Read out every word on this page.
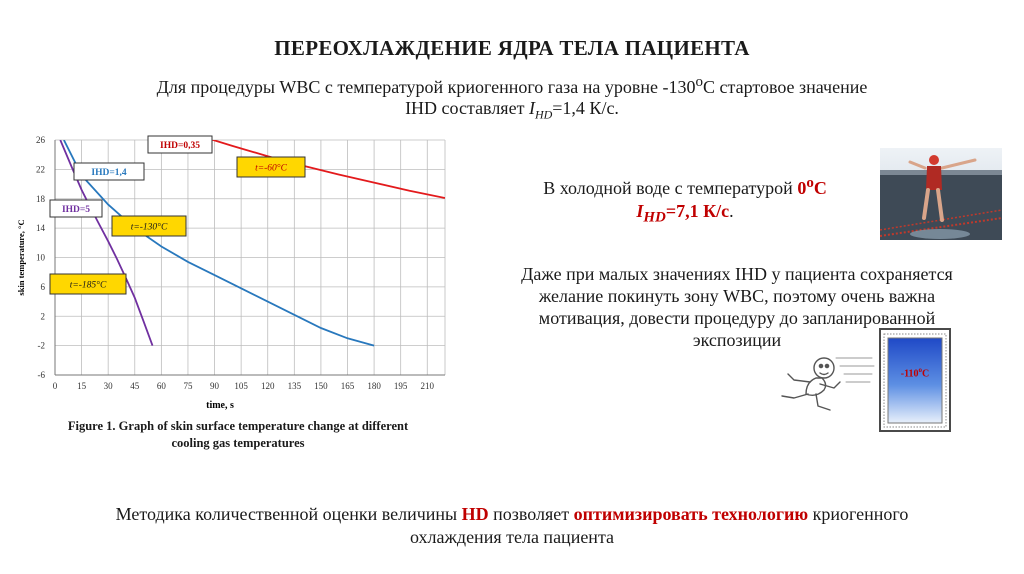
ПЕРЕОХЛАЖДЕНИЕ ЯДРА ТЕЛА ПАЦИЕНТА
Для процедуры WBC с температурой криогенного газа на уровне $-130^оС$ стартовое значение
IHD составляет $I_{HD}=1,4$ К/с.
0 15 30 45 60 75 90 105 120 135 150 165 180 195 210
-6
-2
2
6
10
14
18
22
26
IHD=0,35
IHD=1,4
IHD=5
t=-60°C
t=-130°C
t=-185°C
time, s
skin temperature, °C
Figure 1. Graph of skin surface temperature change at different
cooling gas temperatures
В холодной воде с температурой $0^оС$
$I_{HD}=7,1$ К/с.
Даже при малых значениях IHD у пациента сохраняется
желание покинуть зону WBC, поэтому очень важна
мотивация, довести процедуру до запланированной
экспозиции
$-110^оС$
Методика количественной оценки величины HD позволяет оптимизировать технологию криогенного
охлаждения тела пациента
